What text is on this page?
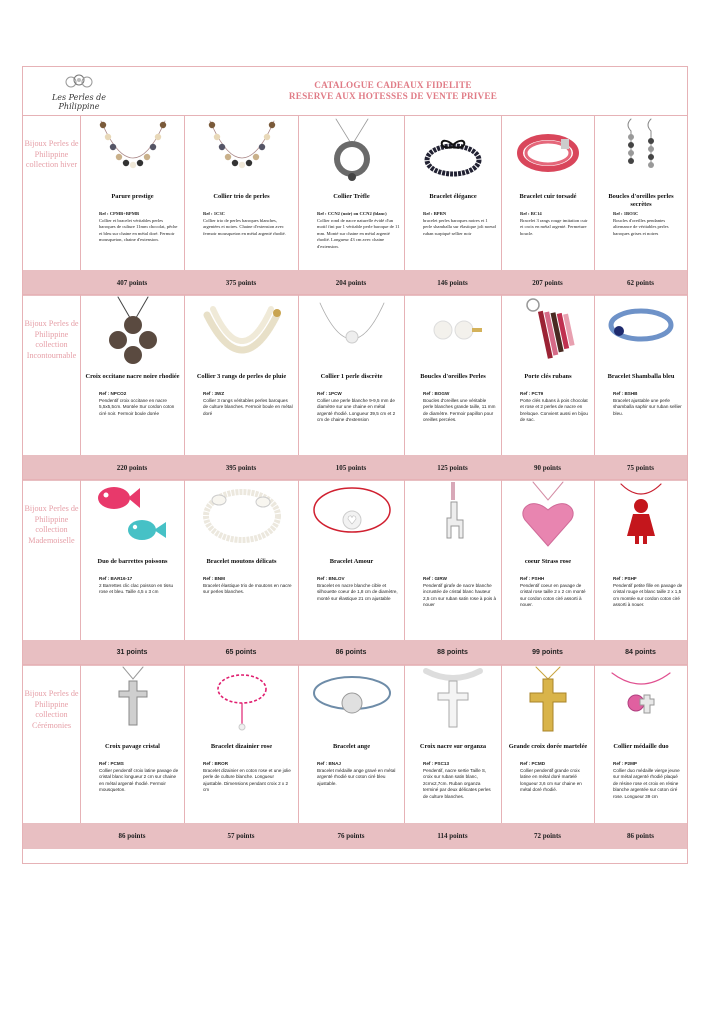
Les Perles de Philippine
CATALOGUE CADEAUX FIDELITE
RESERVE AUX HOTESSES DE VENTE PRIVEE
Bijoux Perles de Philippine collection hiver
Parure prestige
Ref : CPMB+BPMB
Collier et bracelet véritables perles baroques de culture 11mm chocolat, pêche et bleu sur chaine en métal doré. Fermoir mousqueton, chaine d'extension.
Collier trio de perles
Ref : 1C3C
Collier trio de perles baroques blanches, argentées et noires. Chaine d'extension avec fermoir mousqueton en métal argenté rhodié.
Collier Trèfle
Ref : CCN2 (noir) ou CCN2 (blanc)
Collier rond de nacre naturelle évidé d'un motif fini par 1 véritable perle baroque de 11 mm. Monté sur chaine en métal argenté rhodié. Longueur 43 cm avec chaine d'extension.
Bracelet élégance
Ref : BPRN
bracelet perles baroques noires et 1 perle shamballa sur élastique joli noeud ruban surpiqué sellier noir
Bracelet cuir torsadé
Ref : BC14
Bracelet 3 rangs rouge imitation cuir et croix en métal argenté. Fermeture boucle.
Boucles d'oreilles perles secrètes
Ref : 1BO3C
Boucles d'oreilles pendantes alternance de véritables perles baroques grises et noires
407 points	375 points	204 points	146 points	207 points	62 points
Bijoux Perles de Philippine collection Incontournable
Croix occitane nacre noire rhodiée
Ref : NPCO2
Pendentif croix occitane en nacre 5,5x5,5cm. Montée Sur cordon coton ciré noir. Fermoir boule dorée
Collier 3 rangs de perles de pluie
Ref : 3WZ
Collier 3 rangs véritables perles baroques de culture blanches. Fermoir boule en métal doré
Collier 1 perle discrète
Ref : 1PCW
Collier une perle blanche 9-9,5 mm de diamètre sur une chaine en métal argenté rhodié. Longueur 39,5 cm et 2 cm de chaine d'extension
Boucles d'oreilles Perles
Ref : BOGW
Boucles d'oreilles une véritable perle blanches grande taille, 11 mm de diamètre. Fermoir papillon pour oreilles percées.
Porte clés rubans
Ref : PCT9
Porte clés rubans à pois chocolat et rose et 2 perles de nacre en breloque. Convient aussi en bijou de sac.
Bracelet Shamballa bleu
Ref : BSHB
Bracelet ajustable une perle shamballa saphir sur ruban sellier bleu.
220 points	395 points	105 points	125 points	90 points	75 points
Bijoux Perles de Philippine collection Mademoiselle
Duo de barrettes poissons
Ref : BAR16-17
2 Barrettes clic clac poisson en tissu rose et bleu. Taille 4,5 x 3 cm
Bracelet moutons délicats
Ref : BNM
Bracelet élastique trio de moutons en nacre sur perles blanches.
Bracelet Amour
Ref : BNLOV
Bracelet en nacre blanche cible et silhouette coeur de 1,8 cm de diamètre, monté sur élastique 21 cm ajustable
Ref : GIRW
Pendentif girafe de nacre blanche incrustée de cristal blanc hauteur 2,5 cm sur ruban satin rose à pois à nouer
coeur Strass rose
Ref : PSHH
Pendentif coeur en pavage de cristal rose taille 2 x 2 cm monté sur cordon coton ciré assorti à nouer.
Ref : PSHF
Pendentif petite fille en pavage de cristal rouge et blanc taille 2 x 1,5 cm montée sur cordon coton ciré assorti à nouer.
31 points	65 points	86 points	88 points	99 points	84 points
Bijoux Perles de Philippine collection Cérémonies
Croix pavage cristal
Ref : PCMS
Collier pendentif croix latine pavage de cristal blanc longueur 2 cm sur chaine en métal argenté rhodié. Fermoir mousqueton.
Bracelet dizainier rose
Ref : BROR
Bracelet dizainier en coton rose et une jolie perle de culture blanche. Longueur ajustable. Dimensions pendant croix 2 x 2 cm
Bracelet ange
Ref : BNAJ
Bracelet médaille ange gravé en métal argenté rhodié sur coton ciré bleu ajustable.
Croix nacre sur organza
Ref : PSC13
Pendentif, nacre sertie Taille S, croix sur ruban satin blanc, 2cmx2,7cm. Ruban organza terminé par deux délicates perles de culture blanches.
Grande croix dorée martelée
Ref : PCMD
Collier pendentif grande croix latine en métal doré martelé longueur 3,6 cm sur chaine en métal doré rhodié.
Collier médaille duo
Ref : P2MP
Collier duo médaille vierge jeune sur métal argenté rhodié plaqué de résine rose et croix en résine blanche argentée sur coton ciré rose. Longueur 39 cm
86 points	57 points	76 points	114 points	72 points	86 points
